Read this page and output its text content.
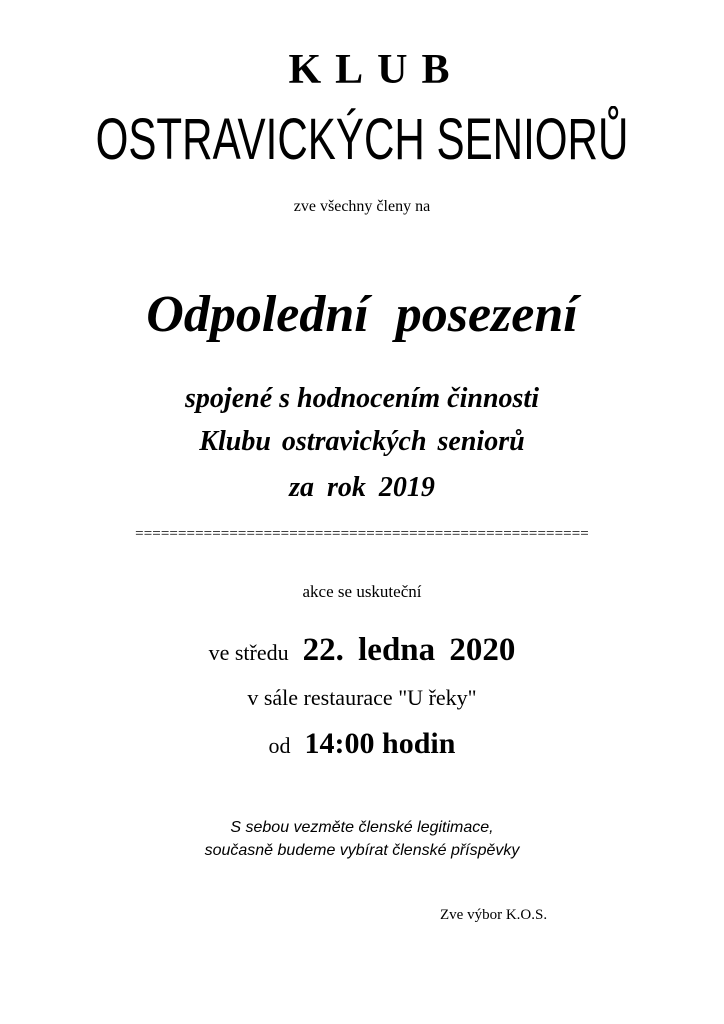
KLUB
OSTRAVICKÝCH SENIORŮ
zve všechny členy na
Odpolední posezení
spojené s hodnocením činnosti
Klubu ostravických seniorů
za rok 2019
=====================================================
akce se uskuteční
ve středu 22. ledna 2020
v sále restaurace "U řeky"
od 14:00 hodin
S sebou vezměte členské legitimace,
současně budeme vybírat členské příspěvky
Zve výbor K.O.S.
